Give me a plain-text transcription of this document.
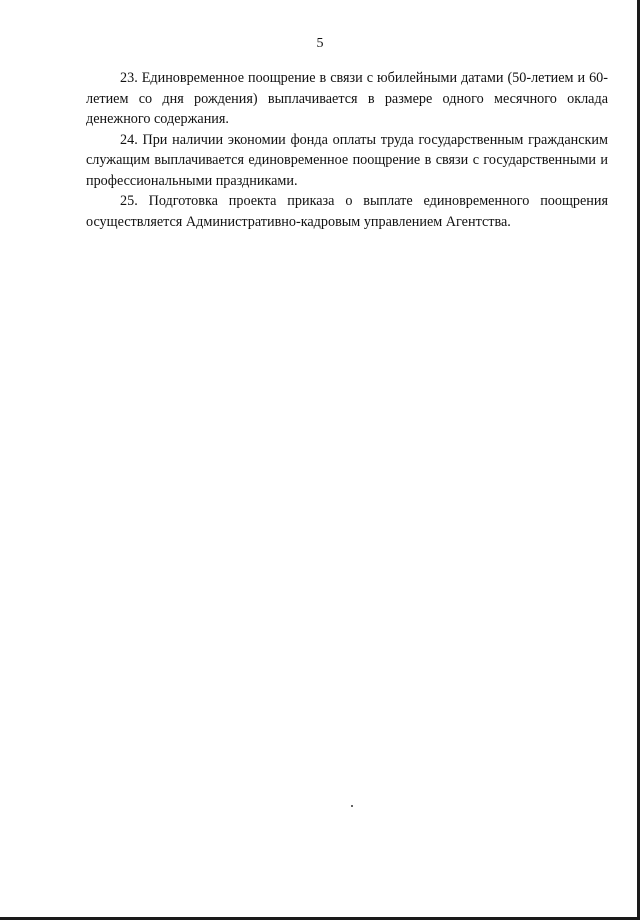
5

23. Единовременное поощрение в связи с юбилейными датами (50-летием и 60-летием со дня рождения) выплачивается в размере одного месячного оклада денежного содержания.

24. При наличии экономии фонда оплаты труда государственным гражданским служащим выплачивается единовременное поощрение в связи с государственными и профессиональными праздниками.

25. Подготовка проекта приказа о выплате единовременного поощрения осуществляется Административно-кадровым управлением Агентства.
